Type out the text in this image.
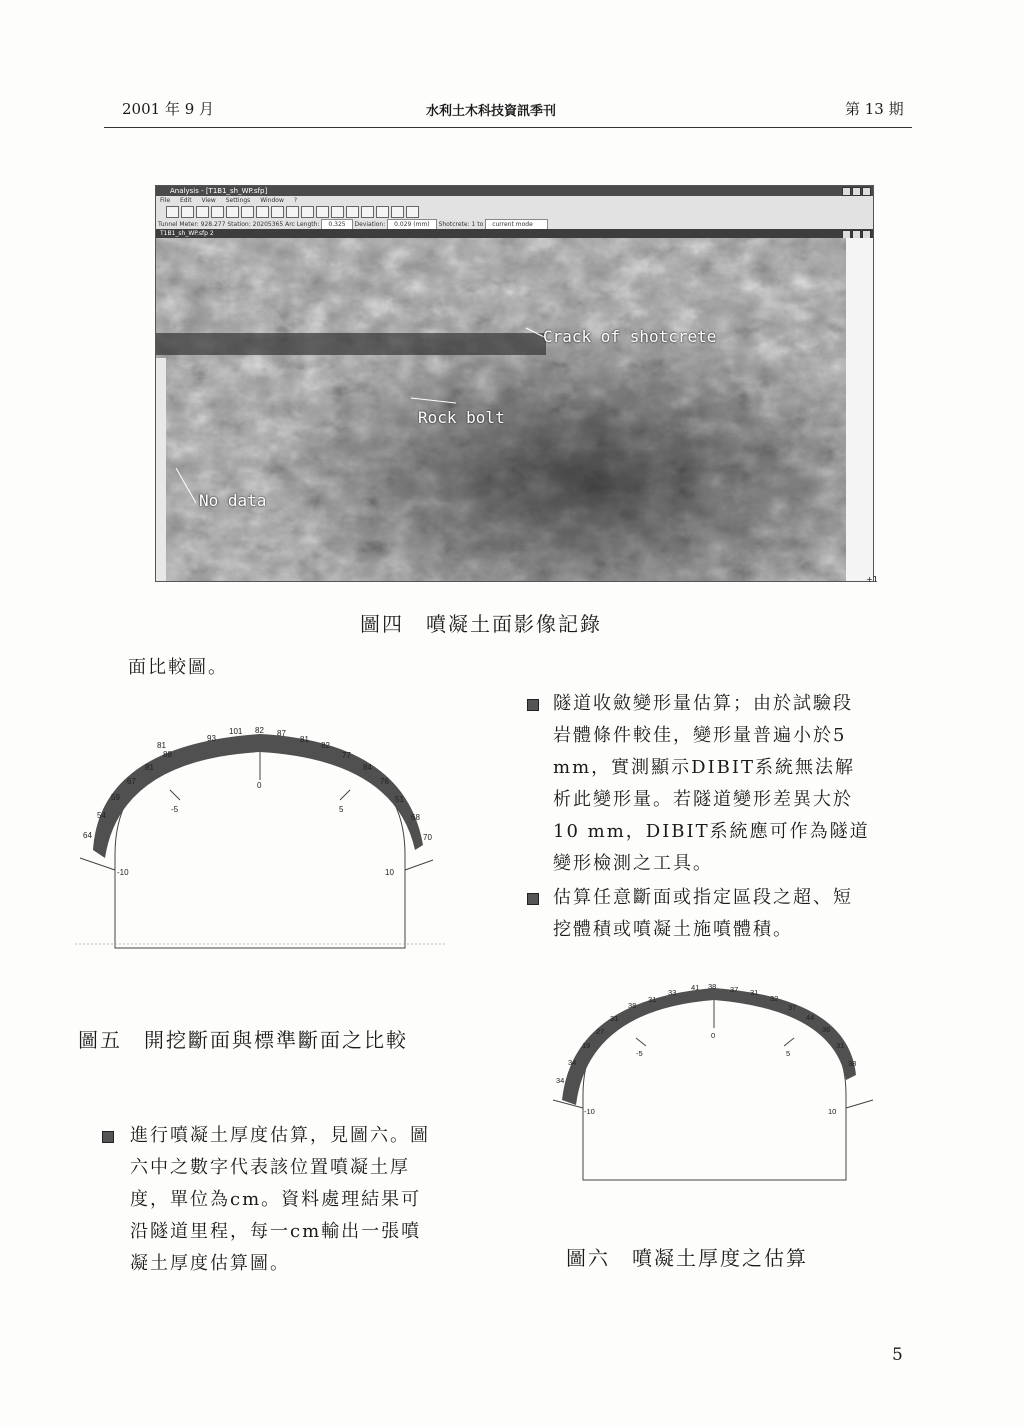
2001 年 9 月	水利土木科技資訊季刊	第 13 期
Analysis - [T1B1_sh_WP.sfp]
File Edit View Settings Window ?
Tunnel Meter: 928.277 Station: 20205365 Arc Length: 0.325 Deviation: 0.029 (mm) Shotcrete: 1 to current mode
T1B1_sh_WP.sfp 2
Crack of shotcrete
Rock bolt
No data
+1
圖四　噴凝土面影像記錄
面比較圖。
64
54
59
67
81
81
88
93
101 82 87
81
82
77
84
76
51
68
70
-10
-5
0
5
10
圖五　開挖斷面與標準斷面之比較
隧道收斂變形量估算；由於試驗段
岩體條件較佳，變形量普遍小於5
mm，實測顯示DIBIT系統無法解
析此變形量。若隧道變形差異大於
10 mm，DIBIT系統應可作為隧道
變形檢測之工具。
估算任意斷面或指定區段之超、短
挖體積或噴凝土施噴體積。
34
34
19
27
31
38
31
33
41 38 37 31
32
37
44
36
31
38
-10
-5
0
5
10
進行噴凝土厚度估算，見圖六。圖
六中之數字代表該位置噴凝土厚
度，單位為cm。資料處理結果可
沿隧道里程，每一cm輸出一張噴
凝土厚度估算圖。	圖六　噴凝土厚度之估算
5
